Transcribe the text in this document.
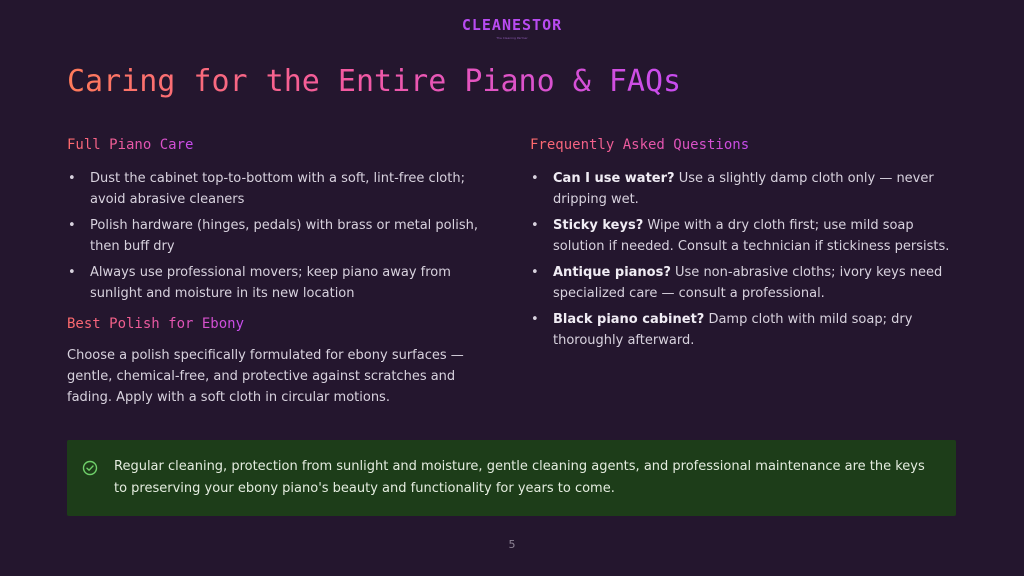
CLEANESTOR
The Cleaning Partner
Caring for the Entire Piano & FAQs
Full Piano Care
• Dust the cabinet top-to-bottom with a soft, lint-free cloth; avoid abrasive cleaners
• Polish hardware (hinges, pedals) with brass or metal polish, then buff dry
• Always use professional movers; keep piano away from sunlight and moisture in its new location
Best Polish for Ebony
Choose a polish specifically formulated for ebony surfaces — gentle, chemical-free, and protective against scratches and fading. Apply with a soft cloth in circular motions.
Frequently Asked Questions
• Can I use water? Use a slightly damp cloth only — never dripping wet.
• Sticky keys? Wipe with a dry cloth first; use mild soap solution if needed. Consult a technician if stickiness persists.
• Antique pianos? Use non-abrasive cloths; ivory keys need specialized care — consult a professional.
• Black piano cabinet? Damp cloth with mild soap; dry thoroughly afterward.
Regular cleaning, protection from sunlight and moisture, gentle cleaning agents, and professional maintenance are the keys to preserving your ebony piano's beauty and functionality for years to come.
5
